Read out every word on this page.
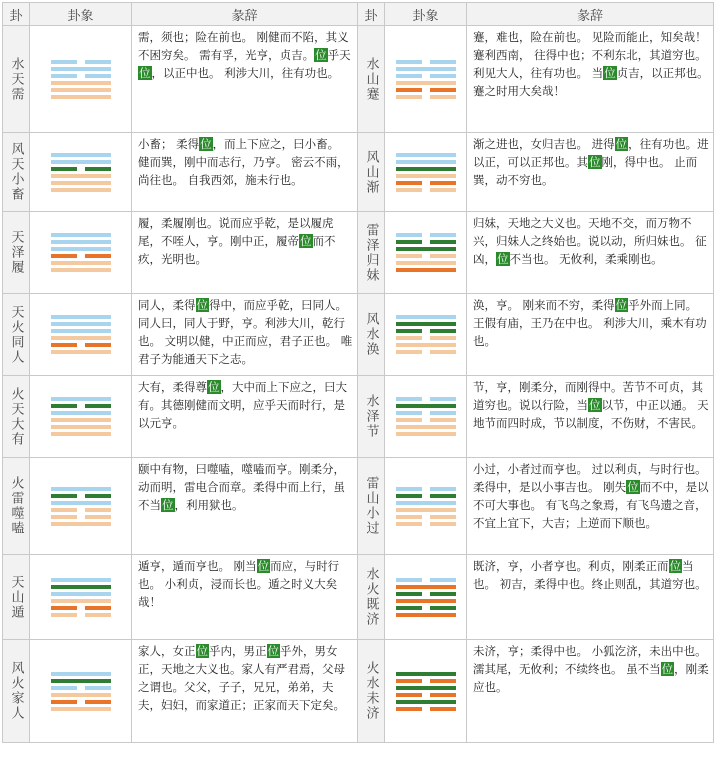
卦	卦象	彖辞	卦	卦象	彖辞
水天需		需，须也；险在前也。 刚健而不陷，其义不困穷矣。 需有孚，光亨，贞吉。位乎天位，以正中也。 利涉大川，往有功也。	水山蹇		蹇，难也，险在前也。 见险而能止，知矣哉！蹇利西南， 往得中也；不利东北，其道穷也。 利见大人，往有功也。 当位贞吉，以正邦也。 蹇之时用大矣哉！
风天小畜		小畜； 柔得位，而上下应之，曰小畜。 健而巽，刚中而志行，乃亨。 密云不雨，尚往也。 自我西郊，施未行也。	风山渐		渐之进也，女归吉也。 进得位，往有功也。进以正，可以正邦也。其位刚，得中也。 止而巽，动不穷也。
天泽履		履，柔履刚也。说而应乎乾，是以履虎尾，不咥人，亨。刚中正，履帝位而不疚，光明也。	雷泽归妹		归妹，天地之大义也。天地不交，而万物不兴，归妹人之终始也。说以动，所归妹也。 征凶，位不当也。 无攸利，柔乘刚也。
天火同人		同人，柔得位得中，而应乎乾，曰同人。 同人曰，同人于野，亨。利涉大川，乾行也。 文明以健，中正而应，君子正也。 唯君子为能通天下之志。	风水涣		涣，亨。 刚来而不穷，柔得位乎外而上同。 王假有庙，王乃在中也。 利涉大川，乘木有功也。
火天大有		大有，柔得尊位，大中而上下应之，曰大有。其德刚健而文明，应乎天而时行，是以元亨。	水泽节		节，亨，刚柔分，而刚得中。苦节不可贞，其道穷也。说以行险，当位以节，中正以通。 天地节而四时成，节以制度，不伤财，不害民。
火雷噬嗑		颐中有物，曰噬嗑，噬嗑而亨。刚柔分，动而明，雷电合而章。柔得中而上行，虽不当位，利用狱也。	雷山小过		小过，小者过而亨也。 过以利贞，与时行也。 柔得中，是以小事吉也。 刚失位而不中，是以不可大事也。 有飞鸟之象焉，有飞鸟遗之音，不宜上宜下，大吉；上逆而下顺也。
天山遁		遁亨，遁而亨也。 刚当位而应，与时行也。 小利贞，浸而长也。遁之时义大矣哉！	水火既济		既济，亨，小者亨也。利贞，刚柔正而位当也。 初吉，柔得中也。终止则乱，其道穷也。
风火家人		家人，女正位乎内，男正位乎外，男女正，天地之大义也。家人有严君焉，父母之谓也。父父，子子，兄兄，弟弟，夫夫，妇妇，而家道正；正家而天下定矣。	火水未济		未济，亨；柔得中也。 小狐汔济，未出中也。 濡其尾，无攸利；不续终也。 虽不当位，刚柔应也。
